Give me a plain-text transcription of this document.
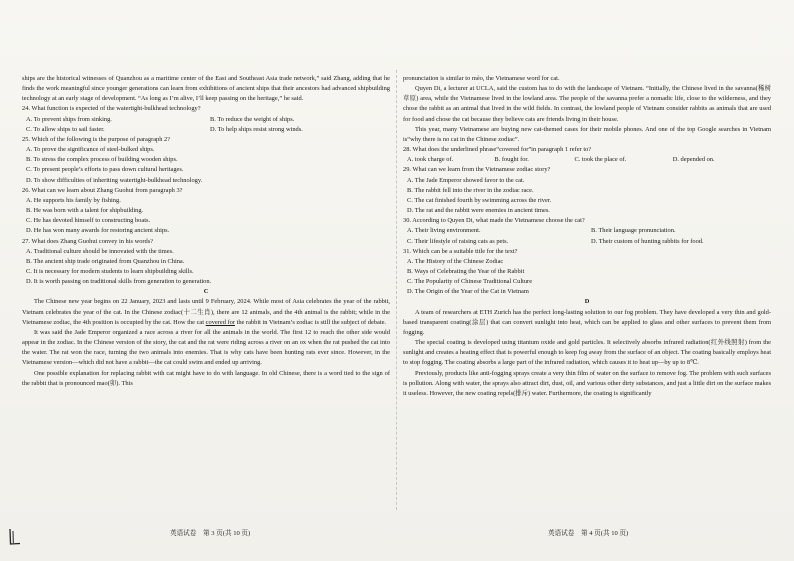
ships are the historical witnesses of Quanzhou as a maritime center of the East and Southeast Asia trade network,” said Zhang, adding that he finds the work meaningful since younger generations can learn from exhibitions of ancient ships that their ancestors had advanced shipbuilding technology at an early stage of development. “As long as I’m alive, I’ll keep passing on the heritage,” he said.

24. What function is expected of the watertight-bulkhead technology?

A. To prevent ships from sinking.	B. To reduce the weight of ships.
C. To allow ships to sail faster.	D. To help ships resist strong winds.

25. Which of the following is the purpose of paragraph 2?

A. To prove the significance of steel-bulked ships.

B. To stress the complex process of building wooden ships.

C. To present people’s efforts to pass down cultural heritages.

D. To show difficulties of inheriting watertight-bulkhead technology.

26. What can we learn about Zhang Guohui from paragraph 3?

A. He supports his family by fishing.

B. He was born with a talent for shipbuilding.

C. He has devoted himself to constructing boats.

D. He has won many awards for restoring ancient ships.

27. What does Zhang Guohui convey in his words?

A. Traditional culture should be innovated with the times.

B. The ancient ship trade originated from Quanzhou in China.

C. It is necessary for modern students to learn shipbuilding skills.

D. It is worth passing on traditional skills from generation to generation.

C

The Chinese new year begins on 22 January, 2023 and lasts until 9 February, 2024. While most of Asia celebrates the year of the rabbit, Vietnam celebrates the year of the cat. In the Chinese zodiac(十二生肖), there are 12 animals, and the 4th animal is the rabbit; while in the Vietnamese zodiac, the 4th position is occupied by the cat. How the cat covered for the rabbit in Vietnam’s zodiac is still the subject of debate.

It was said the Jade Emperor organized a race across a river for all the animals in the world. The first 12 to reach the other side would appear in the zodiac. In the Chinese version of the story, the cat and the rat were riding across a river on an ox when the rat pushed the cat into the water. The rat won the race, turning the two animals into enemies. That is why cats have been hunting rats ever since. However, in the Vietnamese version—which did not have a rabbit—the cat could swim and ended up arriving.

One possible explanation for replacing rabbit with cat might have to do with language. In old Chinese, there is a word tied to the sign of the rabbit that is pronounced mao(卯). This

pronunciation is similar to mèo, the Vietnamese word for cat.

Quyen Di, a lecturer at UCLA, said the custom has to do with the landscape of Vietnam. “Initially, the Chinese lived in the savanna(稀树草原) area, while the Vietnamese lived in the lowland area. The people of the savanna prefer a nomadic life, close to the wilderness, and they chose the rabbit as an animal that lived in the wild fields. In contrast, the lowland people of Vietnam consider rabbits as animals that are used for food and chose the cat because they believe cats are friends living in their house.

This year, many Vietnamese are buying new cat-themed cases for their mobile phones. And one of the top Google searches in Vietnam is“why there is no cat in the Chinese zodiac”.

28. What does the underlined phrase“covered for”in paragraph 1 refer to?

A. took charge of.	B. fought for.	C. took the place of.	D. depended on.

29. What can we learn from the Vietnamese zodiac story?

A. The Jade Emperor showed favor to the cat.

B. The rabbit fell into the river in the zodiac race.

C. The cat finished fourth by swimming across the river.

D. The rat and the rabbit were enemies in ancient times.

30. According to Quyen Di, what made the Vietnamese choose the cat?

A. Their living environment.	B. Their language pronunciation.
C. Their lifestyle of raising cats as pets.	D. Their custom of hunting rabbits for food.

31. Which can be a suitable title for the text?

A. The History of the Chinese Zodiac

B. Ways of Celebrating the Year of the Rabbit

C. The Popularity of Chinese Traditional Culture

D. The Origin of the Year of the Cat in Vietnam

D

A team of researchers at ETH Zurich has the perfect long-lasting solution to our fog problem. They have developed a very thin and gold-based transparent coating(涂层) that can convert sunlight into heat, which can be applied to glass and other surfaces to prevent them from fogging.

The special coating is developed using titanium oxide and gold particles. It selectively absorbs infrared radiation(红外线照射) from the sunlight and creates a heating effect that is powerful enough to keep fog away from the surface of an object. The coating basically employs heat to stop fogging. The coating absorbs a large part of the infrared radiation, which causes it to heat up—by up to 8℃.

Previously, products like anti-fogging sprays create a very thin film of water on the surface to remove fog. The problem with such surfaces is pollution. Along with water, the sprays also attract dirt, dust, oil, and various other dirty substances, and just a little dirt on the surface makes it useless. However, the new coating repels(排斥) water. Furthermore, the coating is significantly

英语试卷　第 3 页(共 10 页)	英语试卷　第 4 页(共 10 页)
